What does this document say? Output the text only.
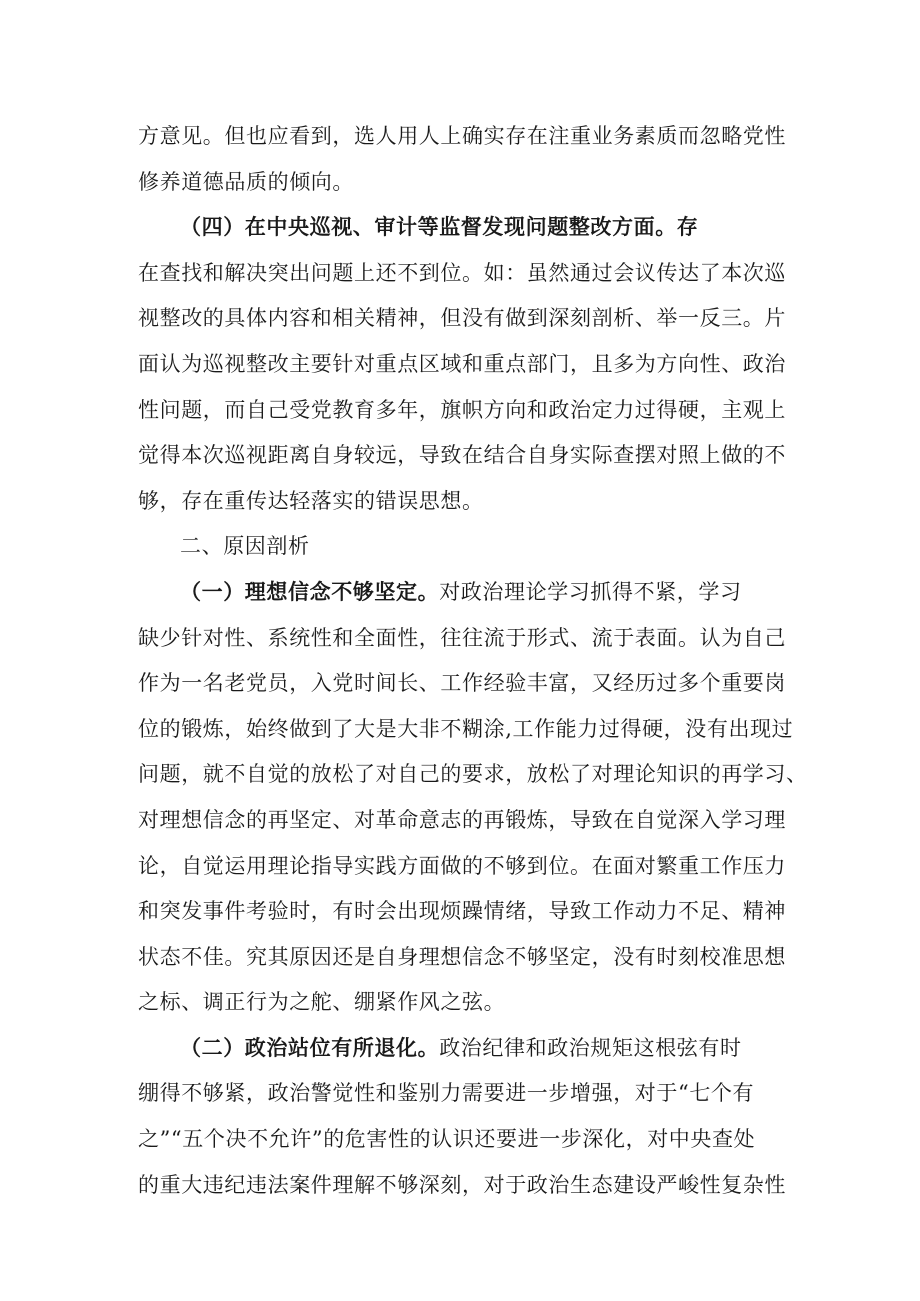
方意见。但也应看到，选人用人上确实存在注重业务素质而忽略党性
修养道德品质的倾向。

（四）在中央巡视、审计等监督发现问题整改方面。存
在查找和解决突出问题上还不到位。如：虽然通过会议传达了本次巡
视整改的具体内容和相关精神，但没有做到深刻剖析、举一反三。片
面认为巡视整改主要针对重点区域和重点部门，且多为方向性、政治
性问题，而自己受党教育多年，旗帜方向和政治定力过得硬，主观上
觉得本次巡视距离自身较远，导致在结合自身实际查摆对照上做的不
够，存在重传达轻落实的错误思想。

二、原因剖析

（一）理想信念不够坚定。对政治理论学习抓得不紧，学习
缺少针对性、系统性和全面性，往往流于形式、流于表面。认为自己
作为一名老党员，入党时间长、工作经验丰富，又经历过多个重要岗
位的锻炼，始终做到了大是大非不糊涂,工作能力过得硬，没有出现过
问题，就不自觉的放松了对自己的要求，放松了对理论知识的再学习、
对理想信念的再坚定、对革命意志的再锻炼，导致在自觉深入学习理
论，自觉运用理论指导实践方面做的不够到位。在面对繁重工作压力
和突发事件考验时，有时会出现烦躁情绪，导致工作动力不足、精神
状态不佳。究其原因还是自身理想信念不够坚定，没有时刻校准思想
之标、调正行为之舵、绷紧作风之弦。

（二）政治站位有所退化。政治纪律和政治规矩这根弦有时
绷得不够紧，政治警觉性和鉴别力需要进一步增强，对于“七个有
之”“五个决不允许”的危害性的认识还要进一步深化，对中央查处
的重大违纪违法案件理解不够深刻，对于政治生态建设严峻性复杂性
